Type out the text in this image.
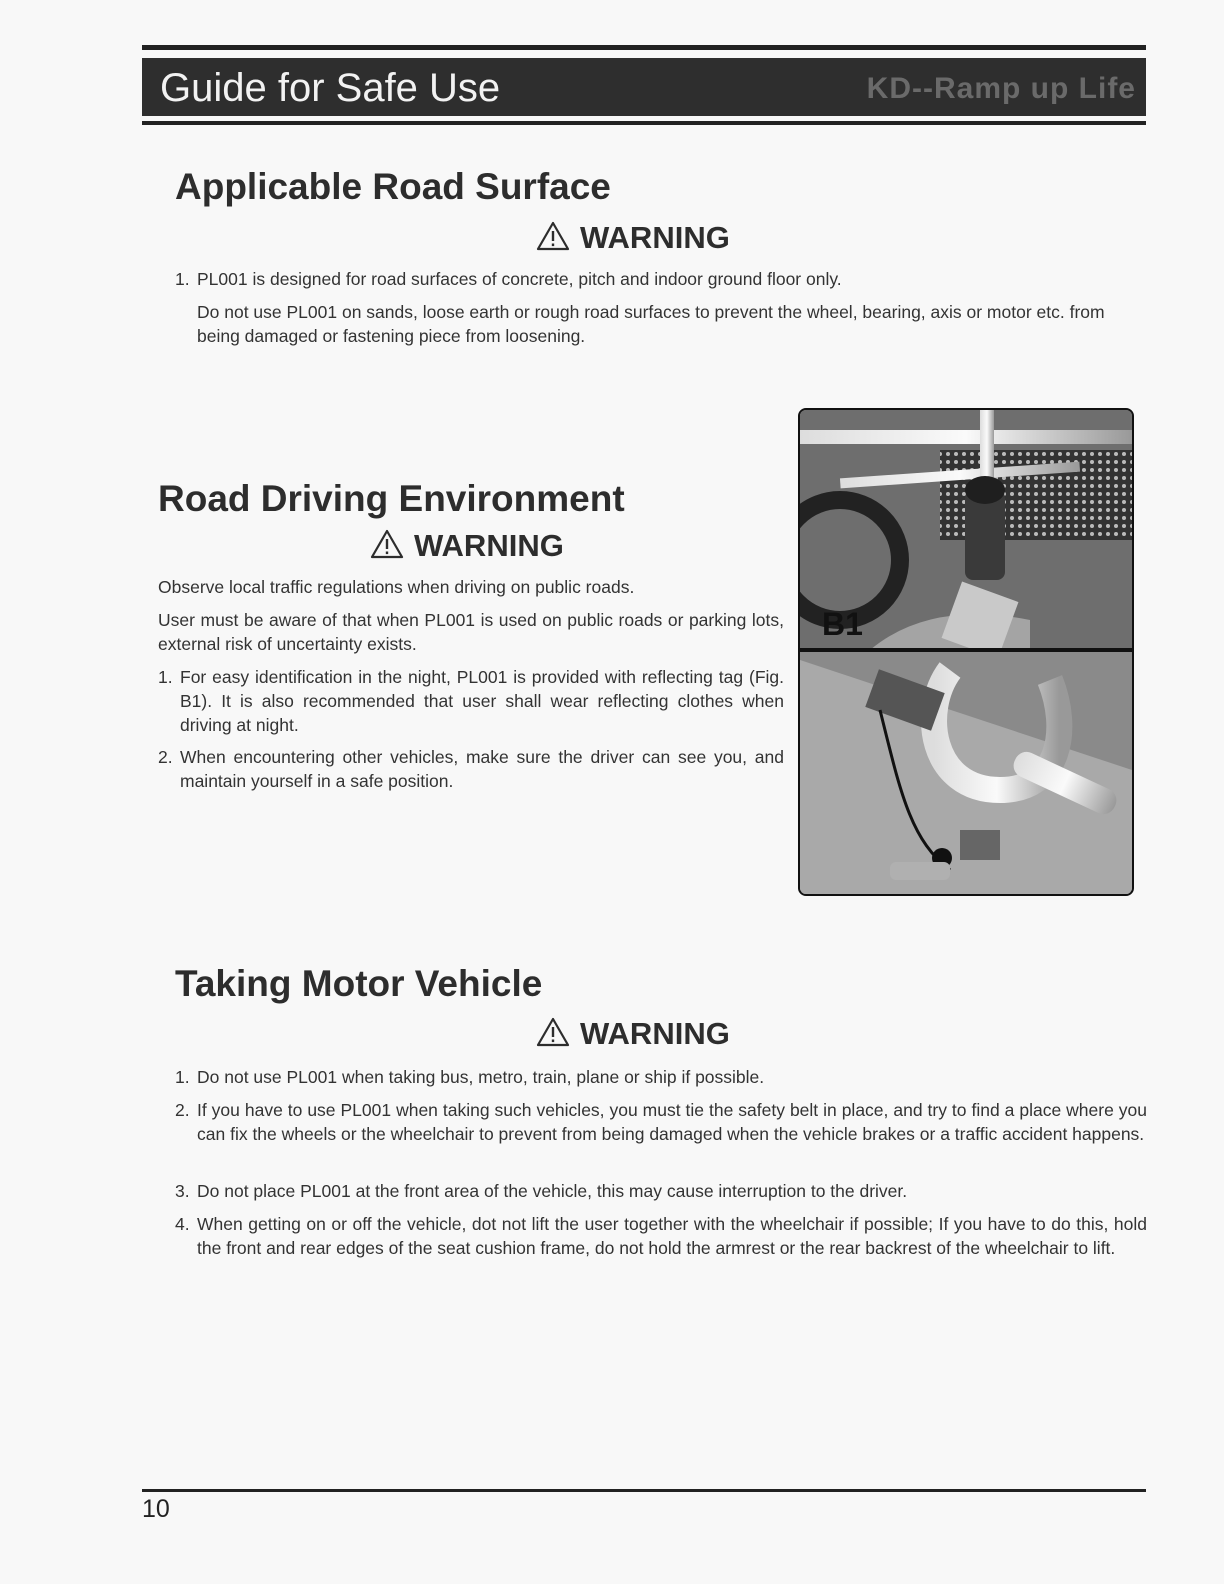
Guide for Safe Use	KD--Ramp up Life
Applicable Road Surface
WARNING
1. PL001 is designed for road surfaces of concrete, pitch and indoor ground floor only.

Do not use PL001 on sands, loose earth or rough road surfaces to prevent the wheel, bearing, axis or motor etc. from being damaged or fastening piece from loosening.

Road Driving Environment
WARNING

Observe local traffic regulations when driving on public roads.

User must be aware of that when PL001 is used on public roads or parking lots, external risk of uncertainty exists.

1. For easy identification in the night, PL001 is provided with reflecting tag (Fig. B1). It is also recommended that user shall wear reflecting clothes when driving at night.

2. When encountering other vehicles, make sure the driver can see you, and maintain yourself in a safe position.

B1
Taking Motor Vehicle
WARNING
1. Do not use PL001 when taking bus, metro, train, plane or ship if possible.

2. If you have to use PL001 when taking such vehicles, you must tie the safety belt in place, and try to find a place where you can fix the wheels or the wheelchair to prevent from being damaged when the vehicle brakes or a traffic accident happens.

3. Do not place PL001 at the front area of the vehicle, this may cause interruption to the driver.

4. When getting on or off the vehicle, dot not lift the user together with the wheelchair if possible; If you have to do this, hold the front and rear edges of the seat cushion frame, do not hold the armrest or the rear backrest of the wheelchair to lift.

10
